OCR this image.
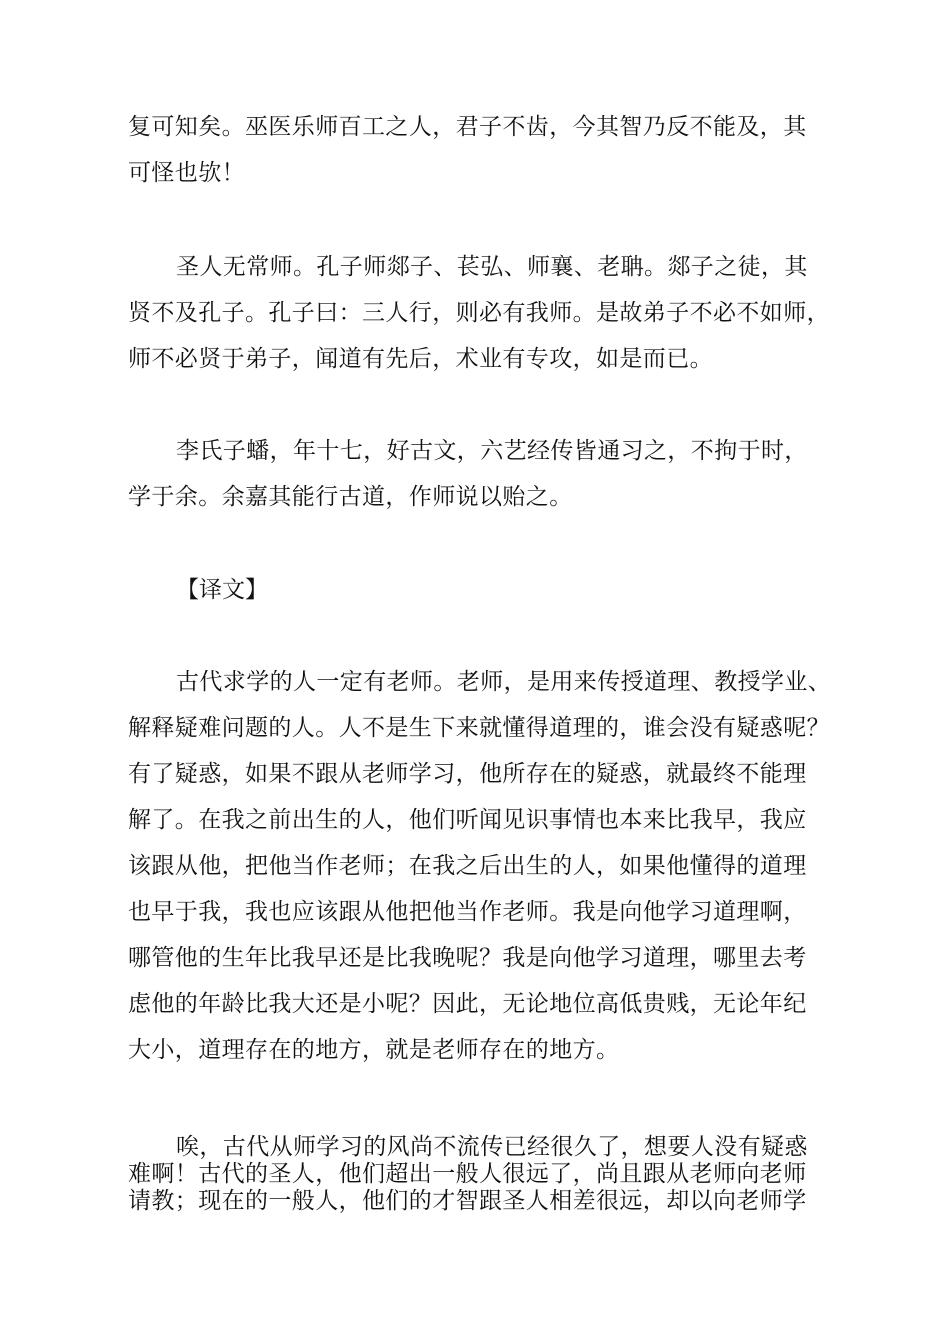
复可知矣。巫医乐师百工之人，君子不齿，今其智乃反不能及，其
可怪也欤！

圣人无常师。孔子师郯子、苌弘、师襄、老聃。郯子之徒，其
贤不及孔子。孔子曰：三人行，则必有我师。是故弟子不必不如师，
师不必贤于弟子，闻道有先后，术业有专攻，如是而已。

李氏子蟠，年十七，好古文，六艺经传皆通习之，不拘于时，
学于余。余嘉其能行古道，作师说以贻之。

【译文】

古代求学的人一定有老师。老师，是用来传授道理、教授学业、
解释疑难问题的人。人不是生下来就懂得道理的，谁会没有疑惑呢？
有了疑惑，如果不跟从老师学习，他所存在的疑惑，就最终不能理
解了。在我之前出生的人，他们听闻见识事情也本来比我早，我应
该跟从他，把他当作老师；在我之后出生的人，如果他懂得的道理
也早于我，我也应该跟从他把他当作老师。我是向他学习道理啊，
哪管他的生年比我早还是比我晚呢？我是向他学习道理，哪里去考
虑他的年龄比我大还是小呢？因此，无论地位高低贵贱，无论年纪
大小，道理存在的地方，就是老师存在的地方。

唉，古代从师学习的风尚不流传已经很久了，想要人没有疑惑
难啊！古代的圣人，他们超出一般人很远了，尚且跟从老师向老师
请教；现在的一般人，他们的才智跟圣人相差很远，却以向老师学
